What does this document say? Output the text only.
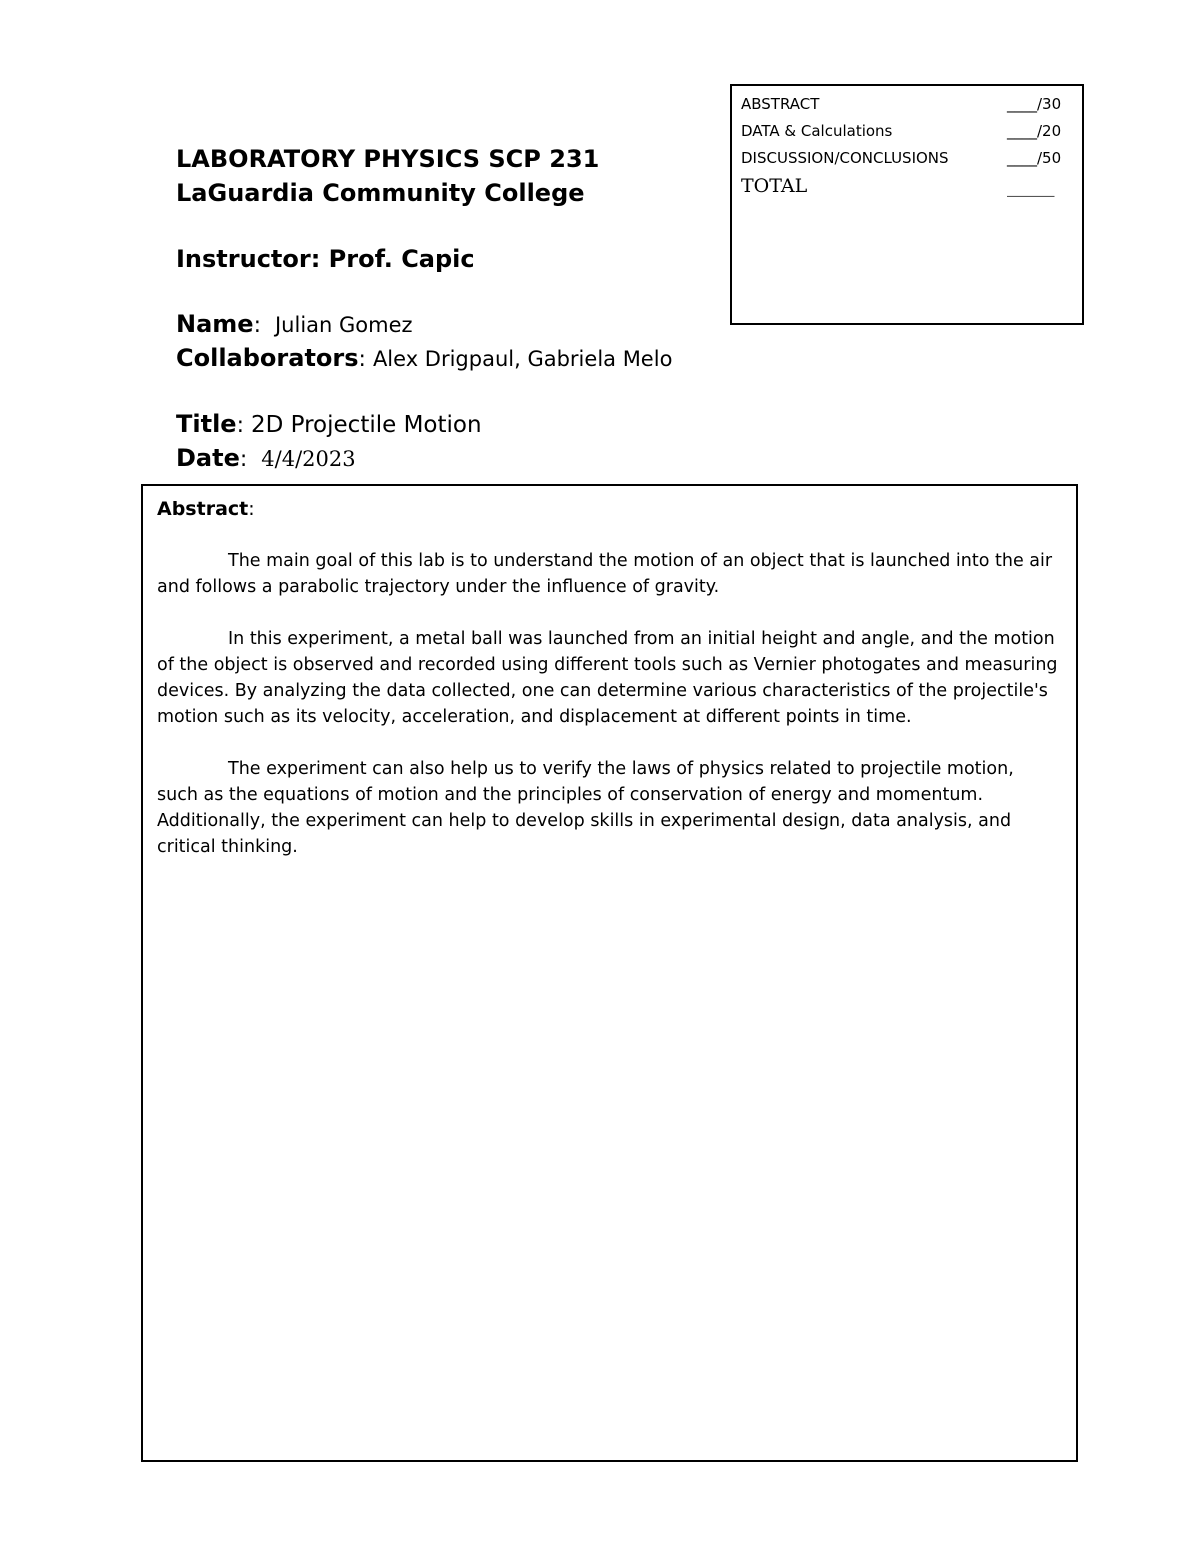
LABORATORY PHYSICS SCP 231
LaGuardia Community College
Instructor: Prof. Capic
Name:  Julian Gomez
Collaborators: Alex Drigpaul, Gabriela Melo
Title: 2D Projectile Motion
Date:  4/4/2023
ABSTRACT	____/30
DATA & Calculations	____/20
DISCUSSION/CONCLUSIONS	____/50
TOTAL	_____
Abstract:

The main goal of this lab is to understand the motion of an object that is launched into the air and follows a parabolic trajectory under the influence of gravity.

In this experiment, a metal ball was launched from an initial height and angle, and the motion of the object is observed and recorded using different tools such as Vernier photogates and measuring devices. By analyzing the data collected, one can determine various characteristics of the projectile's motion such as its velocity, acceleration, and displacement at different points in time.

The experiment can also help us to verify the laws of physics related to projectile motion, such as the equations of motion and the principles of conservation of energy and momentum. Additionally, the experiment can help to develop skills in experimental design, data analysis, and critical thinking.
